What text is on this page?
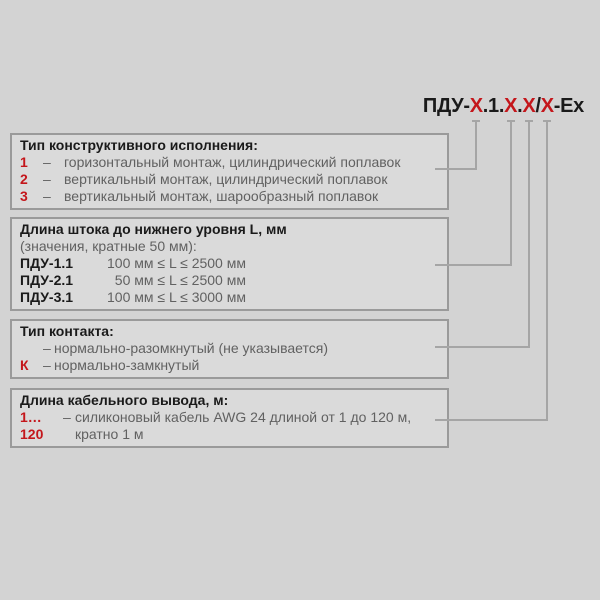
ПДУ-X.1.X.X/X-Ex
Тип конструктивного исполнения:
1	– горизонтальный монтаж, цилиндрический поплавок
2	– вертикальный монтаж, цилиндрический поплавок
3	– вертикальный монтаж, шарообразный поплавок
Длина штока до нижнего уровня L, мм
(значения, кратные 50 мм):
ПДУ-1.1	100 мм ≤ L ≤ 2500 мм
ПДУ-2.1	50 мм ≤ L ≤ 2500 мм
ПДУ-3.1	100 мм ≤ L ≤ 3000 мм
Тип контакта:
– нормально-разомкнутый (не указывается)
К	– нормально-замкнутый
Длина кабельного вывода, м:
1…120
– силиконовый кабель AWG 24 длиной от 1 до 120 м,
кратно 1 м
